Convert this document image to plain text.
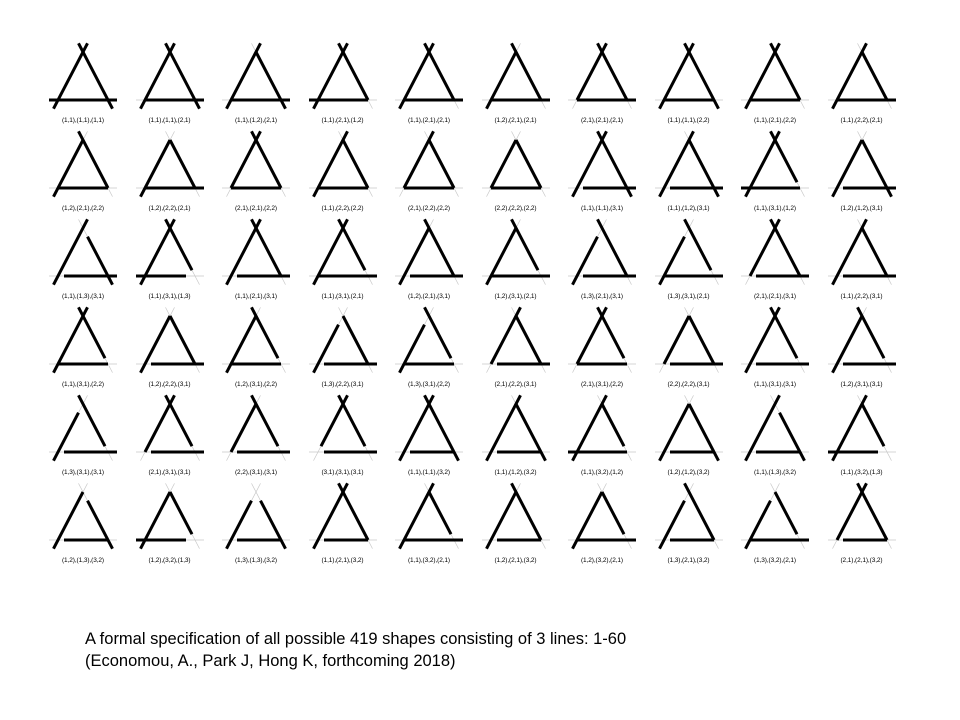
(1,1),(1,1),(1,1)	(1,1),(1,1),(2,1)	(1,1),(1,2),(2,1)	(1,1),(2,1),(1,2)	(1,1),(2,1),(2,1)	(1,2),(2,1),(2,1)	(2,1),(2,1),(2,1)	(1,1),(1,1),(2,2)	(1,1),(2,1),(2,2)	(1,1),(2,2),(2,1)
(1,2),(2,1),(2,2)	(1,2),(2,2),(2,1)	(2,1),(2,1),(2,2)	(1,1),(2,2),(2,2)	(2,1),(2,2),(2,2)	(2,2),(2,2),(2,2)	(1,1),(1,1),(3,1)	(1,1),(1,2),(3,1)	(1,1),(3,1),(1,2)	(1,2),(1,2),(3,1)
(1,1),(1,3),(3,1)	(1,1),(3,1),(1,3)	(1,1),(2,1),(3,1)	(1,1),(3,1),(2,1)	(1,2),(2,1),(3,1)	(1,2),(3,1),(2,1)	(1,3),(2,1),(3,1)	(1,3),(3,1),(2,1)	(2,1),(2,1),(3,1)	(1,1),(2,2),(3,1)
(1,1),(3,1),(2,2)	(1,2),(2,2),(3,1)	(1,2),(3,1),(2,2)	(1,3),(2,2),(3,1)	(1,3),(3,1),(2,2)	(2,1),(2,2),(3,1)	(2,1),(3,1),(2,2)	(2,2),(2,2),(3,1)	(1,1),(3,1),(3,1)	(1,2),(3,1),(3,1)
(1,3),(3,1),(3,1)	(2,1),(3,1),(3,1)	(2,2),(3,1),(3,1)	(3,1),(3,1),(3,1)	(1,1),(1,1),(3,2)	(1,1),(1,2),(3,2)	(1,1),(3,2),(1,2)	(1,2),(1,2),(3,2)	(1,1),(1,3),(3,2)	(1,1),(3,2),(1,3)
(1,2),(1,3),(3,2)	(1,2),(3,2),(1,3)	(1,3),(1,3),(3,2)	(1,1),(2,1),(3,2)	(1,1),(3,2),(2,1)	(1,2),(2,1),(3,2)	(1,2),(3,2),(2,1)	(1,3),(2,1),(3,2)	(1,3),(3,2),(2,1)	(2,1),(2,1),(3,2)
A formal specification of all possible 419 shapes consisting of 3 lines: 1-60
(Economou, A., Park J, Hong K, forthcoming 2018)
